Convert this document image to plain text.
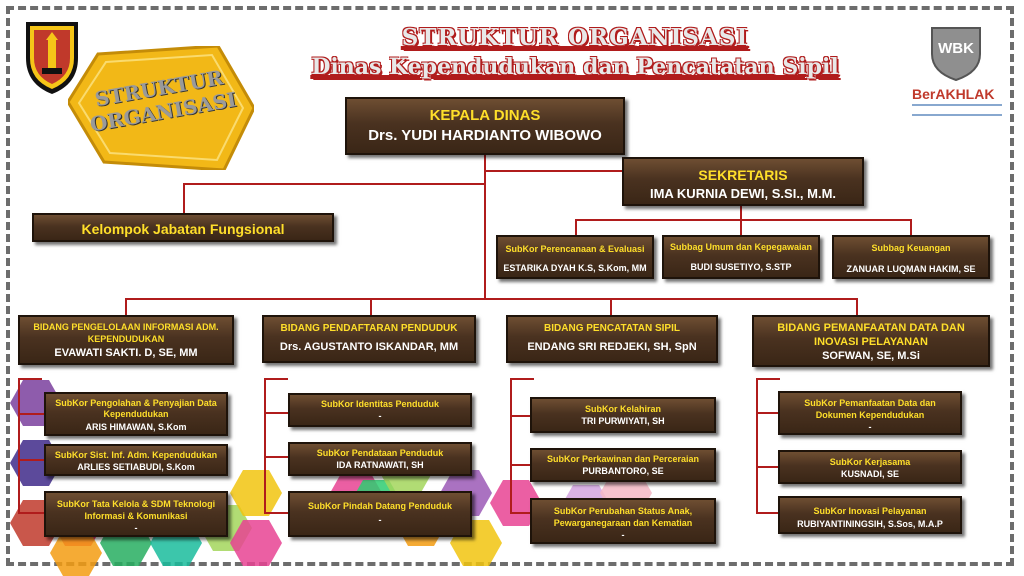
STRUKTUR ORGANISASI
STRUKTUR ORGANISASI
Dinas Kependudukan dan Pencatatan Sipil
WBK
BerAKHLAK
KEPALA DINAS
Drs. YUDI HARDIANTO WIBOWO
SEKRETARIS
IMA KURNIA DEWI, S.SI., M.M.
Kelompok Jabatan Fungsional
SubKor Perencanaan & Evaluasi
ESTARIKA DYAH K.S, S.Kom, MM
Subbag Umum dan Kepegawaian
BUDI SUSETIYO, S.STP
Subbag Keuangan
ZANUAR LUQMAN HAKIM, SE
BIDANG PENGELOLAAN INFORMASI ADM. KEPENDUDUKAN
EVAWATI SAKTI. D, SE, MM
BIDANG PENDAFTARAN PENDUDUK
Drs. AGUSTANTO ISKANDAR, MM
BIDANG PENCATATAN SIPIL
ENDANG SRI REDJEKI, SH, SpN
BIDANG PEMANFAATAN DATA DAN INOVASI PELAYANAN
SOFWAN, SE, M.Si
SubKor Pengolahan & Penyajian Data Kependudukan
ARIS HIMAWAN, S.Kom
SubKor Sist. Inf. Adm. Kependudukan
ARLIES SETIABUDI, S.Kom
SubKor Tata Kelola & SDM Teknologi Informasi & Komunikasi
-
SubKor Identitas Penduduk
-
SubKor Pendataan Penduduk
IDA RATNAWATI, SH
SubKor Pindah Datang Penduduk
-
SubKor Kelahiran
TRI PURWIYATI, SH
SubKor Perkawinan dan Perceraian
PURBANTORO, SE
SubKor Perubahan Status Anak, Pewarganegaraan dan Kematian
-
SubKor Pemanfaatan Data dan Dokumen Kependudukan
-
SubKor Kerjasama
KUSNADI, SE
SubKor Inovasi Pelayanan
RUBIYANTININGSIH, S.Sos, M.A.P
